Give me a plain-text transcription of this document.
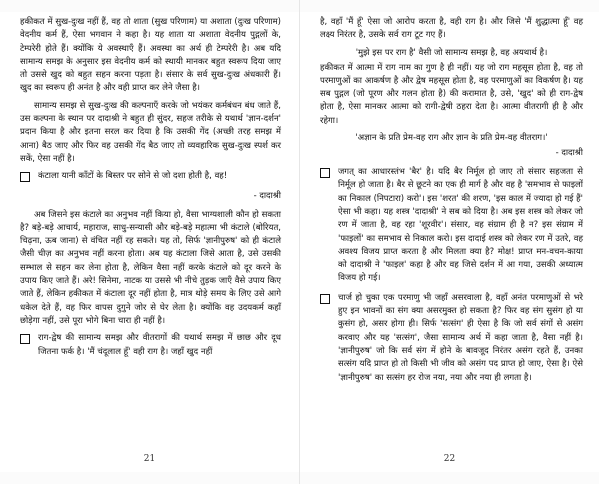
हकीकत में सुख-दुःख नहीं हैं, वह तो शाता (सुख परिणाम) या अशाता (दुःख परिणाम) वेदनीय कर्म हैं, ऐसा भगवान ने कहा है। यह शाता या अशाता वेदनीय पुद्गलों के, टेम्परेरी होते हैं। क्योंकि ये अवस्थाएँ हैं। अवस्था का अर्थ ही टेम्परेरी है। अब यदि सामान्य समझ के अनुसार इस वेदनीय कर्म को स्थायी मानकर बहुत स्वरूप दिया जाए तो उससे खुद को बहुत सहन करना पड़ता है। संसार के सर्व सुख-दुःख अंधकारी हैं। खुद का स्वरूप ही अनंत है और वही प्राप्त कर लेने जैसा है।

सामान्य समझ से सुख-दुःख की कल्पनाएँ करके जो भयंकर कर्मबंधन बंध जाते हैं, उस कल्पना के स्थान पर दादाश्री ने बहुत ही सुंदर, सहज तरीके से यथार्थ 'ज्ञान-दर्शन' प्रदान किया है और इतना सरल कर दिया है कि उसकी गेंद (अच्छी तरह समझ में आना) बैठ जाए और फिर वह उसकी गेंद बैठ जाए तो व्यवहारिक सुख-दुःख स्पर्श कर सकें, ऐसा नहीं है।

कंटाला यानी काँटों के बिस्तर पर सोने से जो दशा होती है, वह!

- दादाश्री

अब जिसने इस कंटाले का अनुभव नहीं किया हो, वैसा भाग्यशाली कौन हो सकता है? बड़े-बड़े आचार्य, महाराज, साधु-सन्यासी और बड़े-बड़े महात्मा भी कंटाले (बोरियत, चिढ़ना, ऊब जाना) से वंचित नहीं रह सकते। यह तो, सिर्फ 'ज्ञानीपुरुष' को ही कंटाले जैसी चीज़ का अनुभव नहीं करना होता। अब यह कंटाला जिसे आता है, उसे उसकी सम्भाल से सहन कर लेना होता है, लेकिन वैसा नहीं करके कंटाले को दूर करने के उपाय किए जाते हैं। अरे! सिनेमा, नाटक या उससे भी नीचे तुड़क जाएँ वैसे उपाय किए जाते हैं, लेकिन हकीकत में कंटाला दूर नहीं होता है, मात्र थोड़े समय के लिए उसे आगे धकेल देते हैं, वह फिर वापस दुगुने जोर से घेर लेता है। क्योंकि वह उदयकर्म कहाँ छोड़ेगा नहीं, उसे पूरा भोगे बिना चारा ही नहीं है।

राग-द्वेष की सामान्य समझ और वीतरागों की यथार्थ समझ में छाछ और दूध जितना फर्क है। 'मैं चंदूलाल हूँ' वही राग है। जहाँ खुद नहीं

21

है, वहाँ 'मैं हूँ' ऐसा जो आरोप करता है, वही राग है। और जिसे 'मैं शुद्धात्मा हूँ' वह लक्ष्य निरंतर है, उसके सर्व राग टूट गए हैं।

'मुझे इस पर राग है' वैसी जो सामान्य समझ है, वह अयथार्थ है।

हकीकत में आत्मा में राग नाम का गुण है ही नहीं। यह जो राग महसूस होता है, वह तो परमाणुओं का आकर्षण है और द्वेष महसूस होता है, वह परमाणुओं का विकर्षण है। यह सब पुद्गल (जो पूरण और गलन होता है) की करामात है, उसे, 'खुद' को ही राग-द्वेष होता है, ऐसा मानकर आत्मा को रागी-द्वेषी ठहरा देता है। आत्मा वीतरागी ही है और रहेगा।

'अज्ञान के प्रति प्रेम-वह राग और ज्ञान के प्रति प्रेम-वह वीतराग।'
- दादाश्री

जगत् का आधारस्तंभ 'बैर' है। यदि बैर निर्मूल हो जाए तो संसार सहजता से निर्मूल हो जाता है। बैर से छूटने का एक ही मार्ग है और वह है 'समभाव से फाइलों का निकाल (निपटारा) करो'। इस 'शरत' की शरण, 'इस काल में ज्यादा हो गई हैं' ऐसा भी कहा। यह शस्त्र 'दादाश्री' ने सब को दिया है। अब इस शस्त्र को लेकर जो रण में जाता है, वह रहा 'शूरवीर'। संसार, वह संग्राम ही है न? इस संग्राम में 'फाइलों' का समभाव से निकाल करो। इस दादाई शस्त्र को लेकर रण में उतरे, वह अवश्य विजय प्राप्त करता है और मिलता क्या है? मोक्ष! प्राप्त मन-वचन-काया को दादाश्री ने 'फाइल' कहा है और वह जिसे दर्शन में आ गया, उसकी अध्यात्म विजय हो गई।

चार्ज हो चुका एक परमाणु भी जहाँ असरवाला है, वहाँ अनंत परमाणुओं से भरे हुए इन भावनों का संग क्या असरमुक्त हो सकता है? फिर वह संग सुसंग हो या कुसंग हो, असर होगा ही। सिर्फ 'सत्संग' ही ऐसा है कि जो सर्व संगों से असंग करवाए और यह 'सत्संग', जैसा सामान्य अर्थ में कहा जाता है, वैसा नहीं है। 'ज्ञानीपुरुष' जो कि सर्व संग में होने के बावजूद निरंतर असंग रहते हैं, उनका सत्संग यदि प्राप्त हो तो किसी भी जीव को असंग पद प्राप्त हो जाए, ऐसा है। ऐसे 'ज्ञानीपुरुष' का सत्संग हर रोज नया, नया और नया ही लगता है।

22
